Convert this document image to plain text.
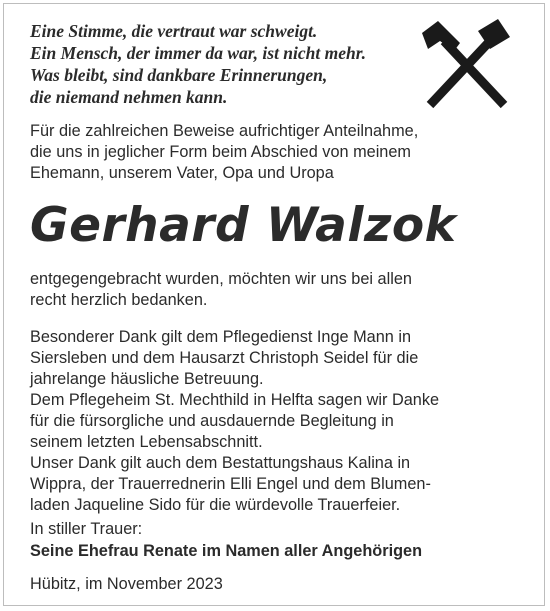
Eine Stimme, die vertraut war schweigt.
Ein Mensch, der immer da war, ist nicht mehr.
Was bleibt, sind dankbare Erinnerungen,
die niemand nehmen kann.
Für die zahlreichen Beweise aufrichtiger Anteilnahme,
die uns in jeglicher Form beim Abschied von meinem
Ehemann, unserem Vater, Opa und Uropa
Gerhard Walzok
entgegengebracht wurden, möchten wir uns bei allen
recht herzlich bedanken.
Besonderer Dank gilt dem Pflegedienst Inge Mann in
Siersleben und dem Hausarzt Christoph Seidel für die
jahrelange häusliche Betreuung.
Dem Pflegeheim St. Mechthild in Helfta sagen wir Danke
für die fürsorgliche und ausdauernde Begleitung in
seinem letzten Lebensabschnitt.
Unser Dank gilt auch dem Bestattungshaus Kalina in
Wippra, der Trauerrednerin Elli Engel und dem Blumen-
laden Jaqueline Sido für die würdevolle Trauerfeier.

In stiller Trauer:

Seine Ehefrau Renate im Namen aller Angehörigen

Hübitz, im November 2023
